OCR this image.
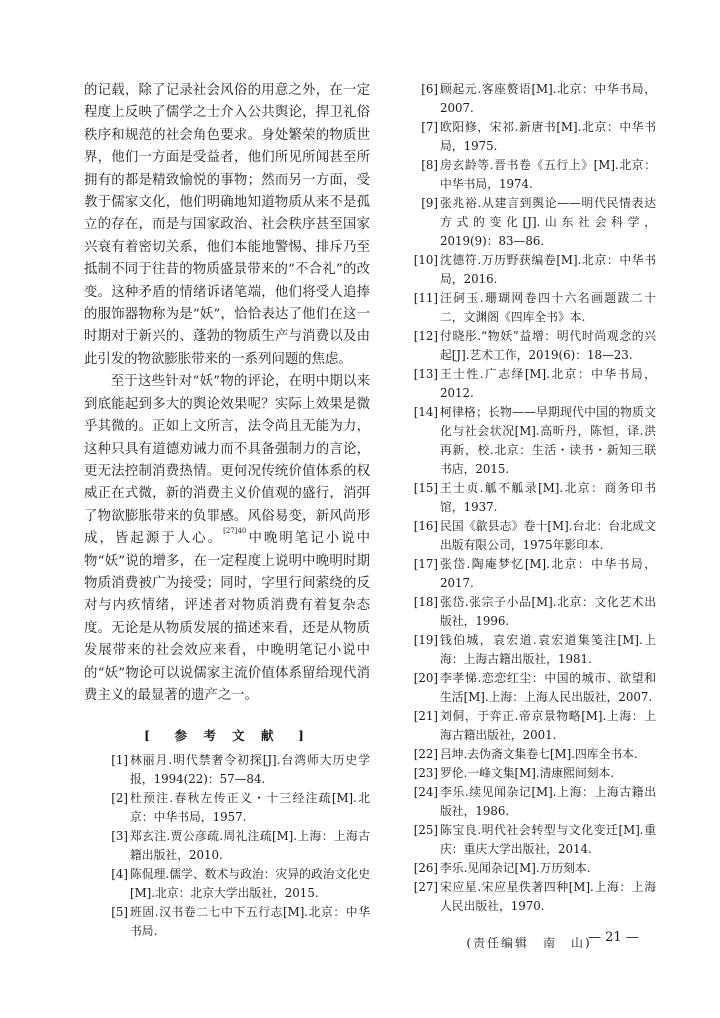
的记载，除了记录社会风俗的用意之外，在一定程度上反映了儒学之士介入公共舆论，捍卫礼俗秩序和规范的社会角色要求。身处繁荣的物质世界，他们一方面是受益者，他们所见所闻甚至所拥有的都是精致愉悦的事物；然而另一方面，受教于儒家文化，他们明确地知道物质从来不是孤立的存在，而是与国家政治、社会秩序甚至国家兴衰有着密切关系，他们本能地警惕、排斥乃至抵制不同于往昔的物质盛景带来的“不合礼”的改变。这种矛盾的情绪诉诸笔端，他们将受人追捧的服饰器物称为是“妖”，恰恰表达了他们在这一时期对于新兴的、蓬勃的物质生产与消费以及由此引发的物欲膨胀带来的一系列问题的焦虑。

至于这些针对“妖”物的评论，在明中期以来到底能起到多大的舆论效果呢？实际上效果是微乎其微的。正如上文所言，法令尚且无能为力，这种只具有道德劝诫力而不具备强制力的言论，更无法控制消费热情。更何况传统价值体系的权威正在式微，新的消费主义价值观的盛行，消弭了物欲膨胀带来的负罪感。风俗易变，新风尚形成，皆起源于人心。$^{[27]40}$中晚明笔记小说中物“妖”说的增多，在一定程度上说明中晚明时期物质消费被广为接受；同时，字里行间萦绕的反对与内疚情绪，评述者对物质消费有着复杂态度。无论是从物质发展的描述来看，还是从物质发展带来的社会效应来看，中晚明笔记小说中的“妖”物论可以说儒家主流价值体系留给现代消费主义的最显著的遗产之一。

[　参 考 文 献　]

[1] 林丽月.明代禁奢令初探[J].台湾师大历史学报，1994(22)：57—84.

[2] 杜预注.春秋左传正义・十三经注疏[M].北京：中华书局，1957.

[3] 郑玄注.贾公彦疏.周礼注疏[M].上海：上海古籍出版社，2010.

[4] 陈侃理.儒学、数术与政治：灾异的政治文化史[M].北京：北京大学出版社，2015.

[5] 班固.汉书卷二七中下五行志[M].北京：中华书局.

[6] 顾起元.客座赘语[M].北京：中华书局，2007.

[7] 欧阳修，宋祁.新唐书[M].北京：中华书局，1975.

[8] 房玄龄等.晋书卷《五行上》[M].北京：中华书局，1974.

[9] 张兆裕.从建言到舆论——明代民情表达方式的变化[J].山东社会科学，2019(9)：83—86.

[10] 沈德符.万历野获编卷[M].北京：中华书局，2016.

[11] 汪砢玉.珊瑚网卷四十六名画题跋二十二，文渊阁《四库全书》本.

[12] 付晓彤.“物妖”益增：明代时尚观念的兴起[J].艺术工作，2019(6)：18—23.

[13] 王士性.广志绎[M].北京：中华书局，2012.

[14] 柯律格；长物——早期现代中国的物质文化与社会状况[M].高昕丹，陈恒，译.洪再新，校.北京：生活・读书・新知三联书店，2015.

[15] 王士贞.觚不觚录[M].北京：商务印书馆，1937.

[16] 民国《歙县志》卷十[M].台北：台北成文出版有限公司，1975年影印本.

[17] 张岱.陶庵梦忆[M].北京：中华书局，2017.

[18] 张岱.张宗子小品[M].北京：文化艺术出版社，1996.

[19] 钱伯城，袁宏道.袁宏道集笺注[M].上海：上海古籍出版社，1981.

[20] 李孝悌.恋恋红尘：中国的城市、欲望和生活[M].上海：上海人民出版社，2007.

[21] 刘侗，于弈正.帝京景物略[M].上海：上海古籍出版社，2001.

[22] 吕坤.去伪斋文集卷七[M].四库全书本.

[23] 罗伦.一峰文集[M].清康熙间刻本.

[24] 李乐.续见闻杂记[M].上海：上海古籍出版社，1986.

[25] 陈宝良.明代社会转型与文化变迁[M].重庆：重庆大学出版社，2014.

[26] 李乐.见闻杂记[M].万历刻本.

[27] 宋应星.宋应星佚著四种[M].上海：上海人民出版社，1970.

(责任编辑　南　山)
— 21 —
